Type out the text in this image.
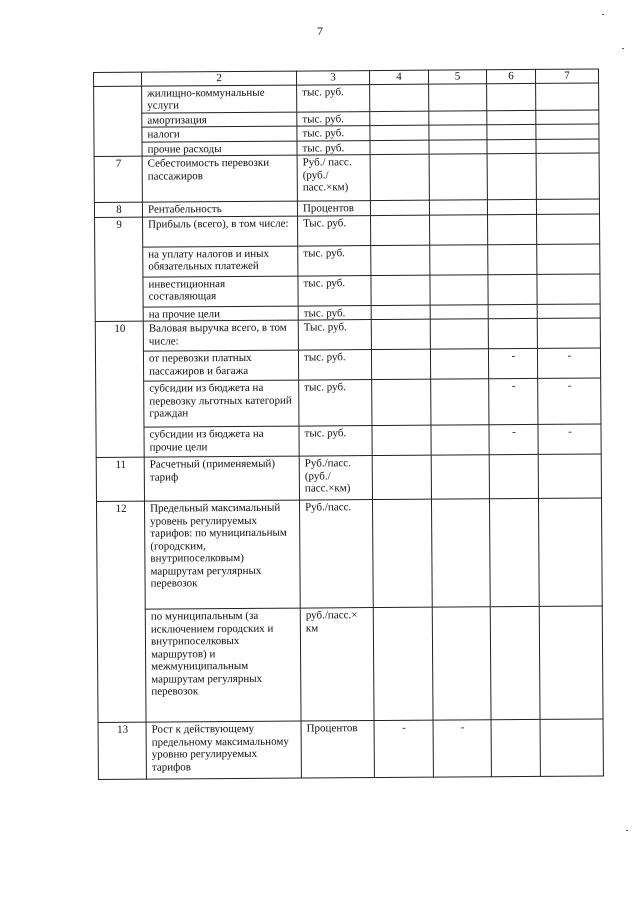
7
	2	3	4	5	6	7
	жилищно-коммунальные услуги	тыс. руб.	

	амортизация	тыс. руб.	

	налоги	тыс. руб.	

	прочие расходы	тыс. руб.	

7	Себестоимость перевозки пассажиров	Руб./ пасс. (руб./ пасс.×км)	

8	Рентабельность	Процентов	

9	Прибыль (всего), в том числе:	Тыс. руб.	

	на уплату налогов и иных обязательных платежей	тыс. руб.	

	инвестиционная составляющая	тыс. руб.	

	на прочие цели	тыс. руб.	

10	Валовая выручка всего, в том числе:	Тыс. руб.	

	от перевозки платных пассажиров и багажа	тыс. руб.			-	-

	субсидии из бюджета на перевозку льготных категорий граждан	тыс. руб.			-	-

	субсидии из бюджета на прочие цели	тыс. руб.			-	-

11	Расчетный (применяемый) тариф	Руб./пасс. (руб./ пасс.×км)	

12	Предельный максимальный уровень регулируемых тарифов: по муниципальным (городским, внутрипоселковым) маршрутам регулярных перевозок	Руб./пасс.	

	по муниципальным (за исключением городских и внутрипоселковых маршрутов) и межмуниципальным маршрутам регулярных перевозок	руб./пасс.× км	

13	Рост к действующему предельному максимальному уровню регулируемых тарифов	Процентов	-	-		
